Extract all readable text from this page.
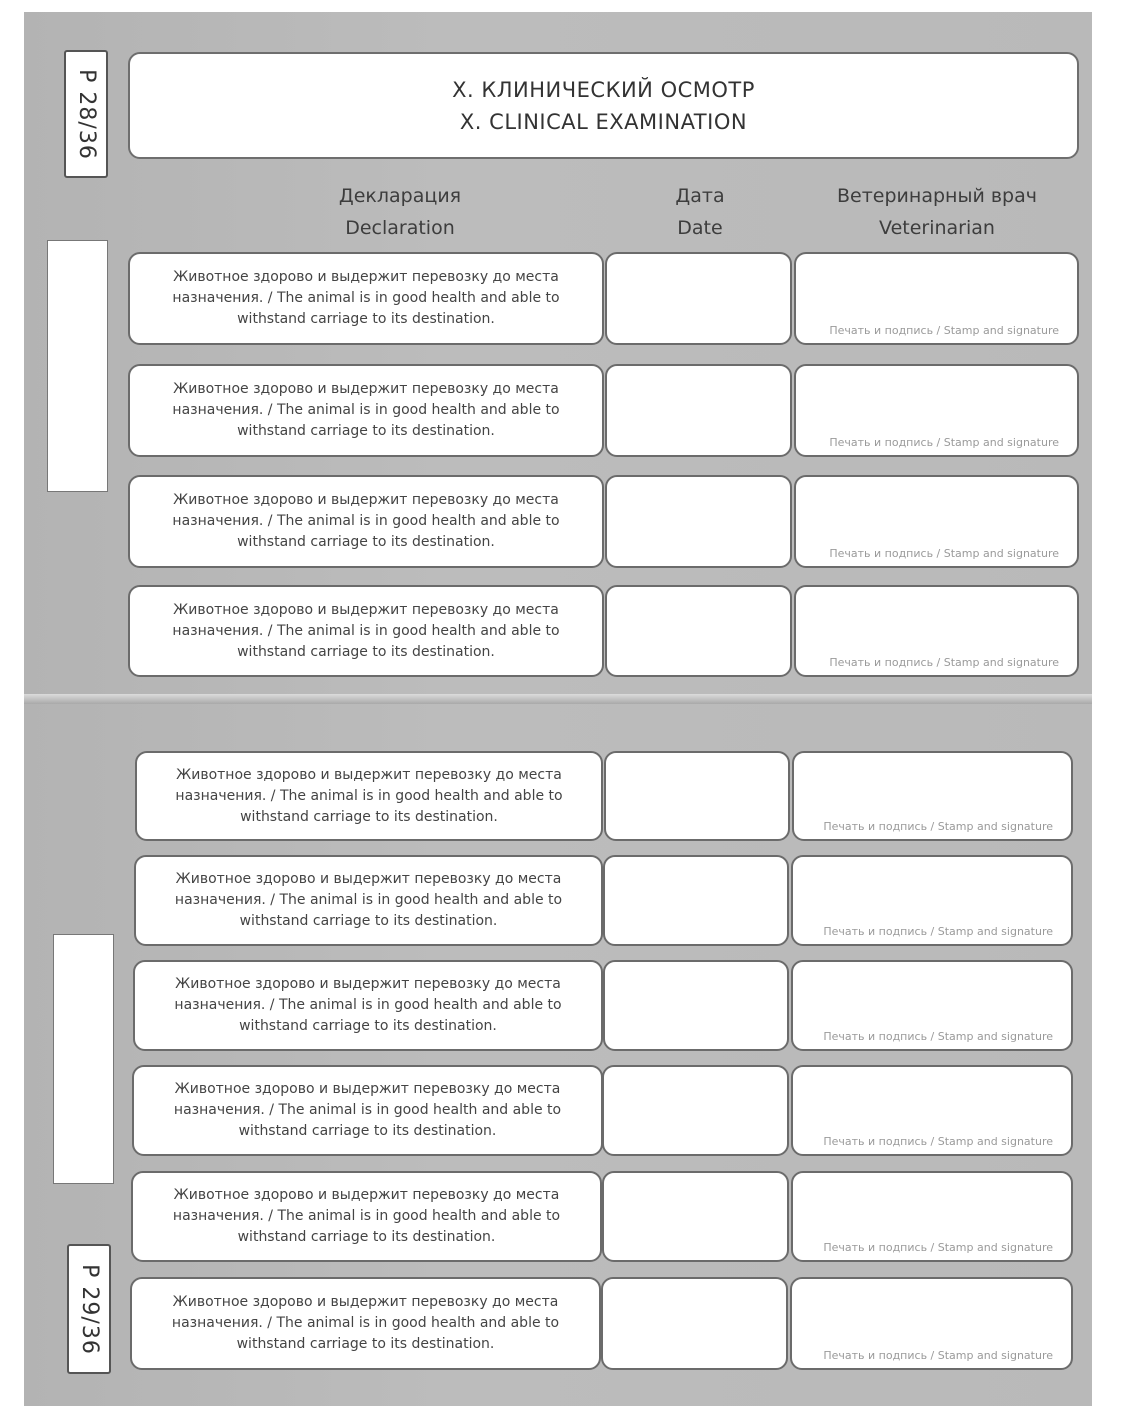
P 28/36	X. КЛИНИЧЕСКИЙ ОСМОТР
X. CLINICAL EXAMINATION
Декларация
Declaration
Дата
Date
Ветеринарный врач
Veterinarian
Животное здорово и выдержит перевозку до места назначения. / The animal is in good health and able to withstand carriage to its destination.
Печать и подпись / Stamp and signature
Животное здорово и выдержит перевозку до места назначения. / The animal is in good health and able to withstand carriage to its destination.
Печать и подпись / Stamp and signature
Животное здорово и выдержит перевозку до места назначения. / The animal is in good health and able to withstand carriage to its destination.
Печать и подпись / Stamp and signature
Животное здорово и выдержит перевозку до места назначения. / The animal is in good health and able to withstand carriage to its destination.
Печать и подпись / Stamp and signature
P 29/36
Животное здорово и выдержит перевозку до места назначения. / The animal is in good health and able to withstand carriage to its destination.
Печать и подпись / Stamp and signature
Животное здорово и выдержит перевозку до места назначения. / The animal is in good health and able to withstand carriage to its destination.
Печать и подпись / Stamp and signature
Животное здорово и выдержит перевозку до места назначения. / The animal is in good health and able to withstand carriage to its destination.
Печать и подпись / Stamp and signature
Животное здорово и выдержит перевозку до места назначения. / The animal is in good health and able to withstand carriage to its destination.
Печать и подпись / Stamp and signature
Животное здорово и выдержит перевозку до места назначения. / The animal is in good health and able to withstand carriage to its destination.
Печать и подпись / Stamp and signature
Животное здорово и выдержит перевозку до места назначения. / The animal is in good health and able to withstand carriage to its destination.
Печать и подпись / Stamp and signature
